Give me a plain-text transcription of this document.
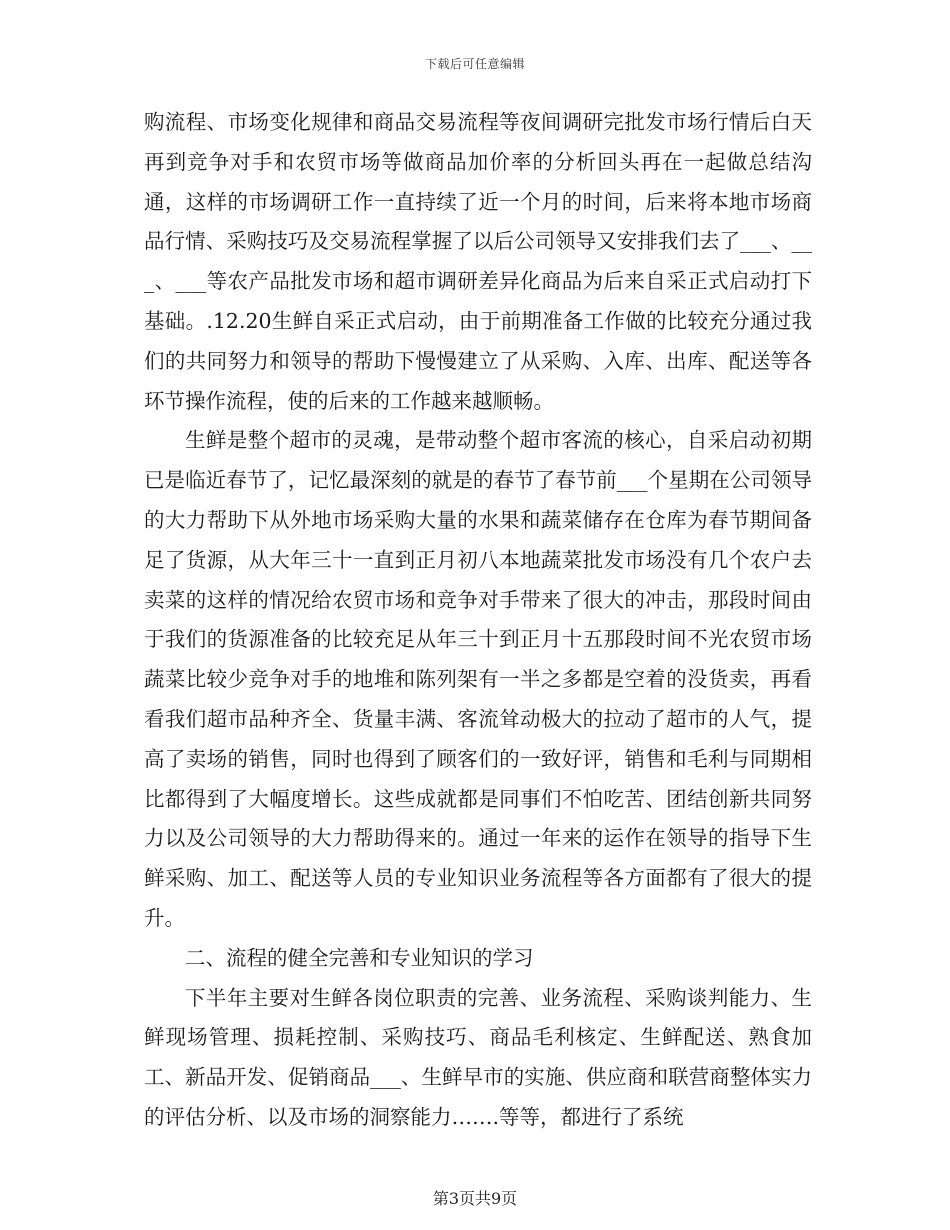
下载后可任意编辑

购流程、市场变化规律和商品交易流程等夜间调研完批发市场行情后白天再到竞争对手和农贸市场等做商品加价率的分析回头再在一起做总结沟通，这样的市场调研工作一直持续了近一个月的时间，后来将本地市场商品行情、采购技巧及交易流程掌握了以后公司领导又安排我们去了___、___、___等农产品批发市场和超市调研差异化商品为后来自采正式启动打下基础。.12.20生鲜自采正式启动，由于前期准备工作做的比较充分通过我们的共同努力和领导的帮助下慢慢建立了从采购、入库、出库、配送等各环节操作流程，使的后来的工作越来越顺畅。

生鲜是整个超市的灵魂，是带动整个超市客流的核心，自采启动初期已是临近春节了，记忆最深刻的就是的春节了春节前___个星期在公司领导的大力帮助下从外地市场采购大量的水果和蔬菜储存在仓库为春节期间备足了货源，从大年三十一直到正月初八本地蔬菜批发市场没有几个农户去卖菜的这样的情况给农贸市场和竞争对手带来了很大的冲击，那段时间由于我们的货源准备的比较充足从年三十到正月十五那段时间不光农贸市场蔬菜比较少竞争对手的地堆和陈列架有一半之多都是空着的没货卖，再看看我们超市品种齐全、货量丰满、客流耸动极大的拉动了超市的人气，提高了卖场的销售，同时也得到了顾客们的一致好评，销售和毛利与同期相比都得到了大幅度增长。这些成就都是同事们不怕吃苦、团结创新共同努力以及公司领导的大力帮助得来的。通过一年来的运作在领导的指导下生鲜采购、加工、配送等人员的专业知识业务流程等各方面都有了很大的提升。

二、流程的健全完善和专业知识的学习

下半年主要对生鲜各岗位职责的完善、业务流程、采购谈判能力、生鲜现场管理、损耗控制、采购技巧、商品毛利核定、生鲜配送、熟食加工、新品开发、促销商品___、生鲜早市的实施、供应商和联营商整体实力的评估分析、以及市场的洞察能力…….等等，都进行了系统

第3页共9页
